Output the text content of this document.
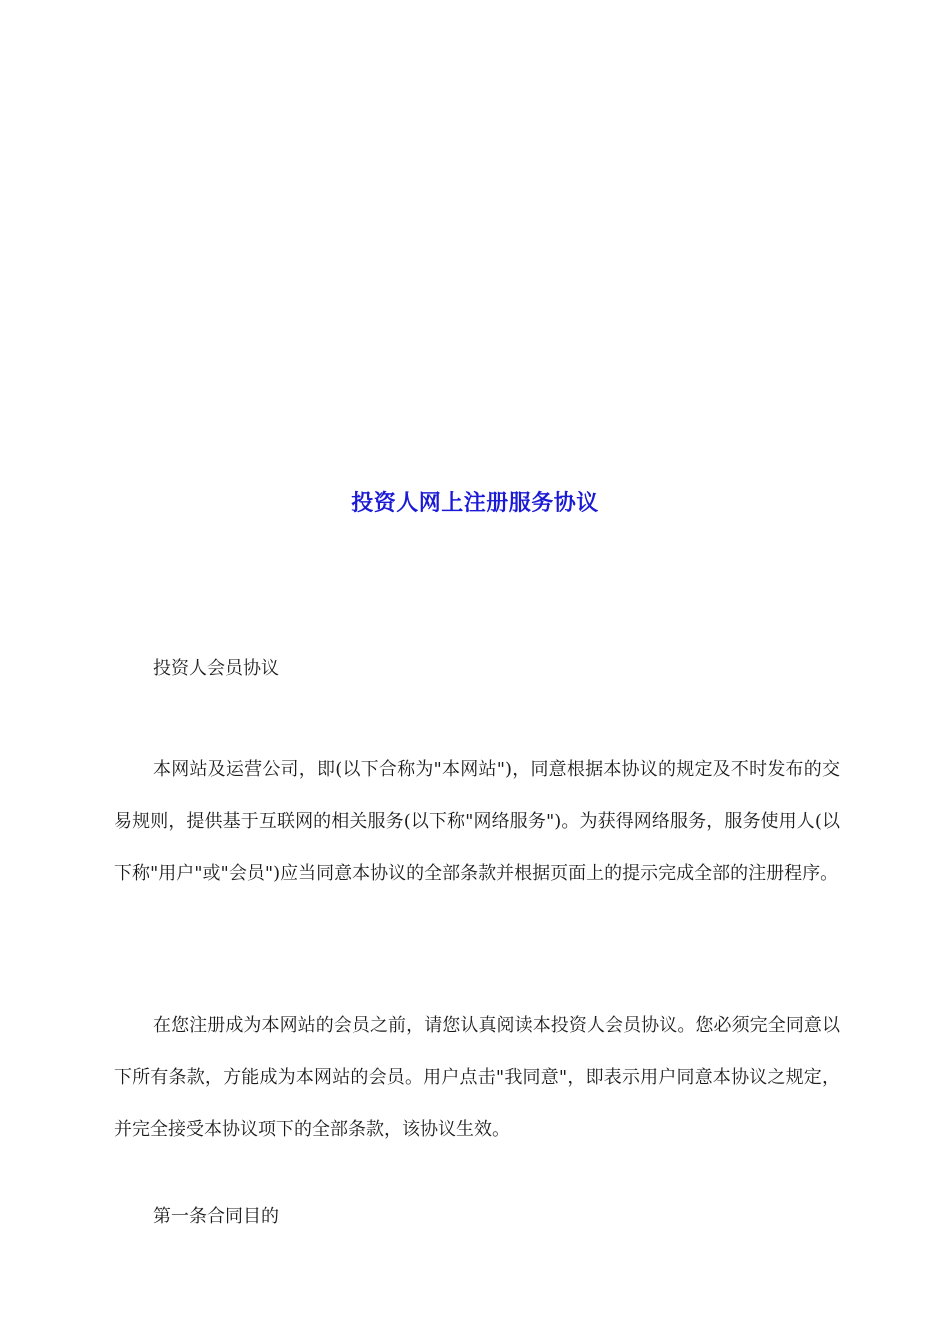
投资人网上注册服务协议

投资人会员协议

本网站及运营公司，即(以下合称为"本网站")，同意根据本协议的规定及不时发布的交易规则，提供基于互联网的相关服务(以下称"网络服务")。为获得网络服务，服务使用人(以下称"用户"或"会员")应当同意本协议的全部条款并根据页面上的提示完成全部的注册程序。

在您注册成为本网站的会员之前，请您认真阅读本投资人会员协议。您必须完全同意以下所有条款，方能成为本网站的会员。用户点击"我同意"，即表示用户同意本协议之规定，并完全接受本协议项下的全部条款，该协议生效。

第一条合同目的
